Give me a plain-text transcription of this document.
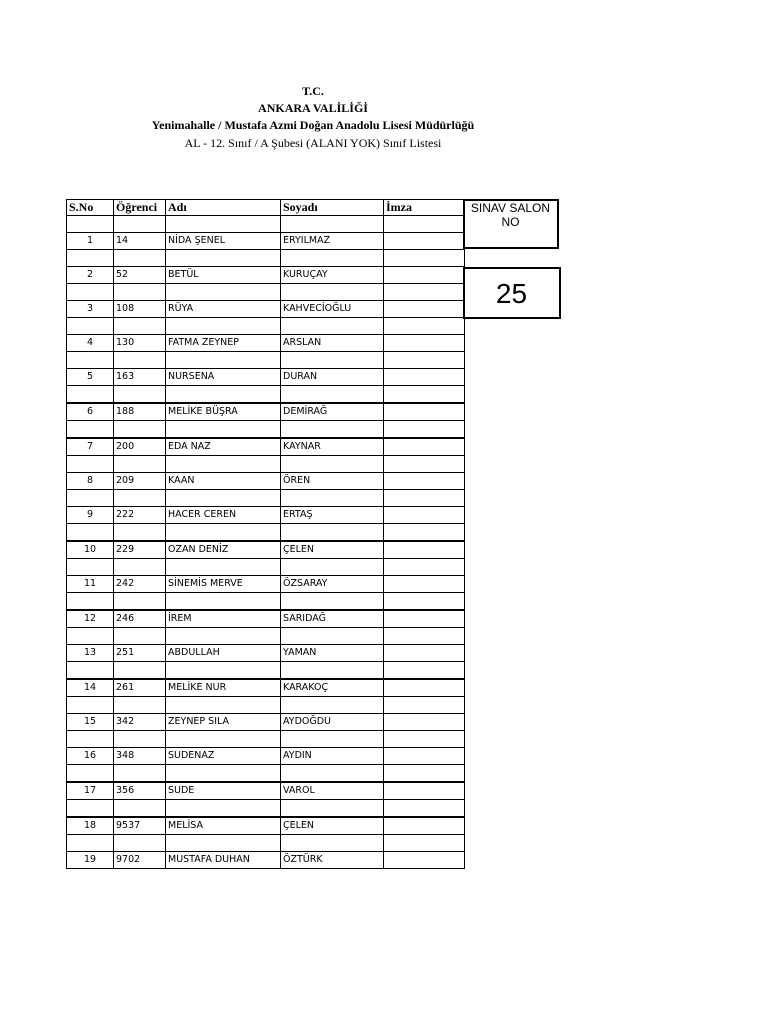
T.C.
ANKARA VALİLİĞİ
Yenimahalle / Mustafa Azmi Doğan Anadolu Lisesi Müdürlüğü
AL - 12. Sınıf / A Şubesi (ALANI YOK) Sınıf Listesi
S.No	Öğrenci	Adı	Soyadı	İmza

1	14	NİDA ŞENEL	ERYILMAZ	

2	52	BETÜL	KURUÇAY	

3	108	RÜYA	KAHVECİOĞLU	

4	130	FATMA ZEYNEP	ARSLAN	

5	163	NURSENA	DURAN	

6	188	MELİKE BÜŞRA	DEMİRAĞ	

7	200	EDA NAZ	KAYNAR	

8	209	KAAN	ÖREN	

9	222	HACER CEREN	ERTAŞ	

10	229	OZAN DENİZ	ÇELEN	

11	242	SİNEMİS MERVE	ÖZSARAY	

12	246	İREM	SARIDAĞ	

13	251	ABDULLAH	YAMAN	

14	261	MELİKE NUR	KARAKOÇ	

15	342	ZEYNEP SILA	AYDOĞDU	

16	348	SUDENAZ	AYDIN	

17	356	SUDE	VAROL	

18	9537	MELİSA	ÇELEN	

19	9702	MUSTAFA DUHAN	ÖZTÜRK	
SINAV SALON
NO
25
